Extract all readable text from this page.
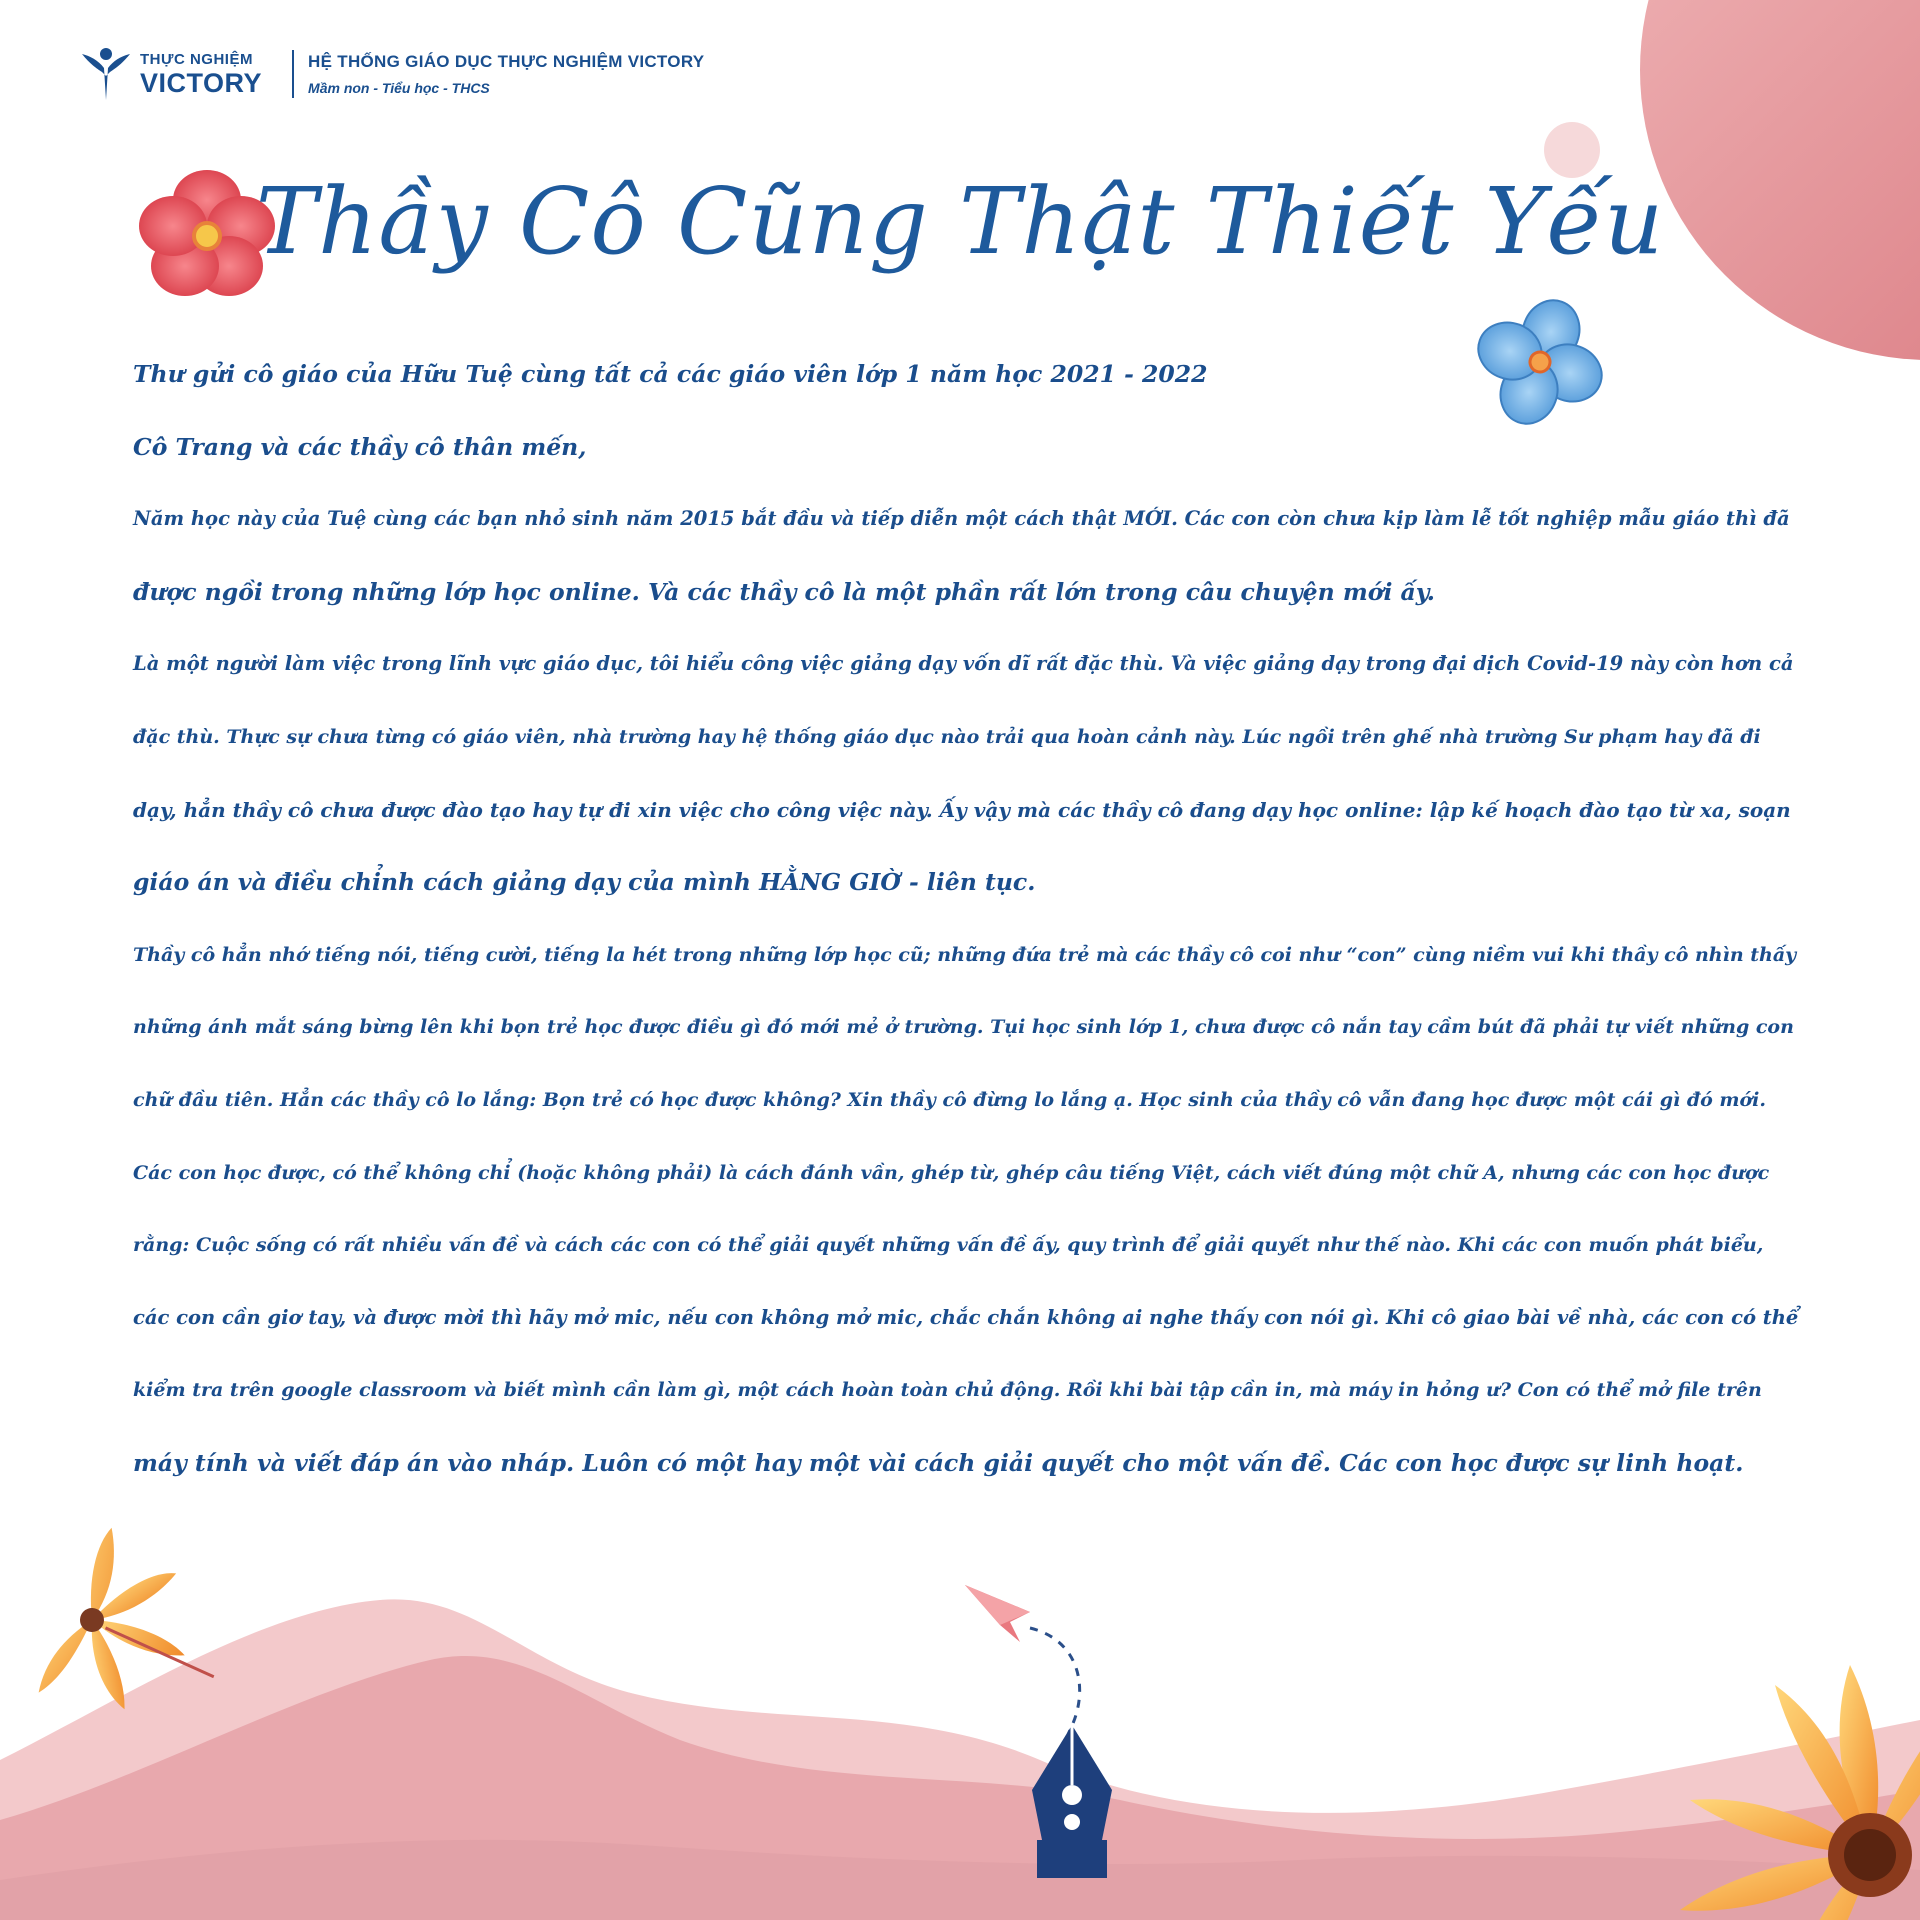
THỰC NGHIỆM
VICTORY
HỆ THỐNG GIÁO DỤC THỰC NGHIỆM VICTORY
Mầm non - Tiểu học - THCS
Thầy Cô Cũng Thật Thiết Yếu

Thư gửi cô giáo của Hữu Tuệ cùng tất cả các giáo viên lớp 1 năm học 2021 - 2022

Cô Trang và các thầy cô thân mến,

Năm học này của Tuệ cùng các bạn nhỏ sinh năm 2015 bắt đầu và tiếp diễn một cách thật MỚI. Các con còn chưa kịp làm lễ tốt nghiệp mẫu giáo thì đã

được ngồi trong những lớp học online. Và các thầy cô là một phần rất lớn trong câu chuyện mới ấy.

Là một người làm việc trong lĩnh vực giáo dục, tôi hiểu công việc giảng dạy vốn dĩ rất đặc thù. Và việc giảng dạy trong đại dịch Covid-19 này còn hơn cả

đặc thù. Thực sự chưa từng có giáo viên, nhà trường hay hệ thống giáo dục nào trải qua hoàn cảnh này. Lúc ngồi trên ghế nhà trường Sư phạm hay đã đi

dạy, hẳn thầy cô chưa được đào tạo hay tự đi xin việc cho công việc này. Ấy vậy mà các thầy cô đang dạy học online: lập kế hoạch đào tạo từ xa, soạn

giáo án và điều chỉnh cách giảng dạy của mình HẰNG GIỜ - liên tục.

Thầy cô hẳn nhớ tiếng nói, tiếng cười, tiếng la hét trong những lớp học cũ; những đứa trẻ mà các thầy cô coi như “con” cùng niềm vui khi thầy cô nhìn thấy

những ánh mắt sáng bừng lên khi bọn trẻ học được điều gì đó mới mẻ ở trường. Tụi học sinh lớp 1, chưa được cô nắn tay cầm bút đã phải tự viết những con

chữ đầu tiên. Hẳn các thầy cô lo lắng: Bọn trẻ có học được không? Xin thầy cô đừng lo lắng ạ. Học sinh của thầy cô vẫn đang học được một cái gì đó mới.

Các con học được, có thể không chỉ (hoặc không phải) là cách đánh vần, ghép từ, ghép câu tiếng Việt, cách viết đúng một chữ A, nhưng các con học được

rằng: Cuộc sống có rất nhiều vấn đề và cách các con có thể giải quyết những vấn đề ấy, quy trình để giải quyết như thế nào. Khi các con muốn phát biểu,

các con cần giơ tay, và được mời thì hãy mở mic, nếu con không mở mic, chắc chắn không ai nghe thấy con nói gì. Khi cô giao bài về nhà, các con có thể

kiểm tra trên google classroom và biết mình cần làm gì, một cách hoàn toàn chủ động. Rồi khi bài tập cần in, mà máy in hỏng ư? Con có thể mở file trên

máy tính và viết đáp án vào nháp. Luôn có một hay một vài cách giải quyết cho một vấn đề. Các con học được sự linh hoạt.
